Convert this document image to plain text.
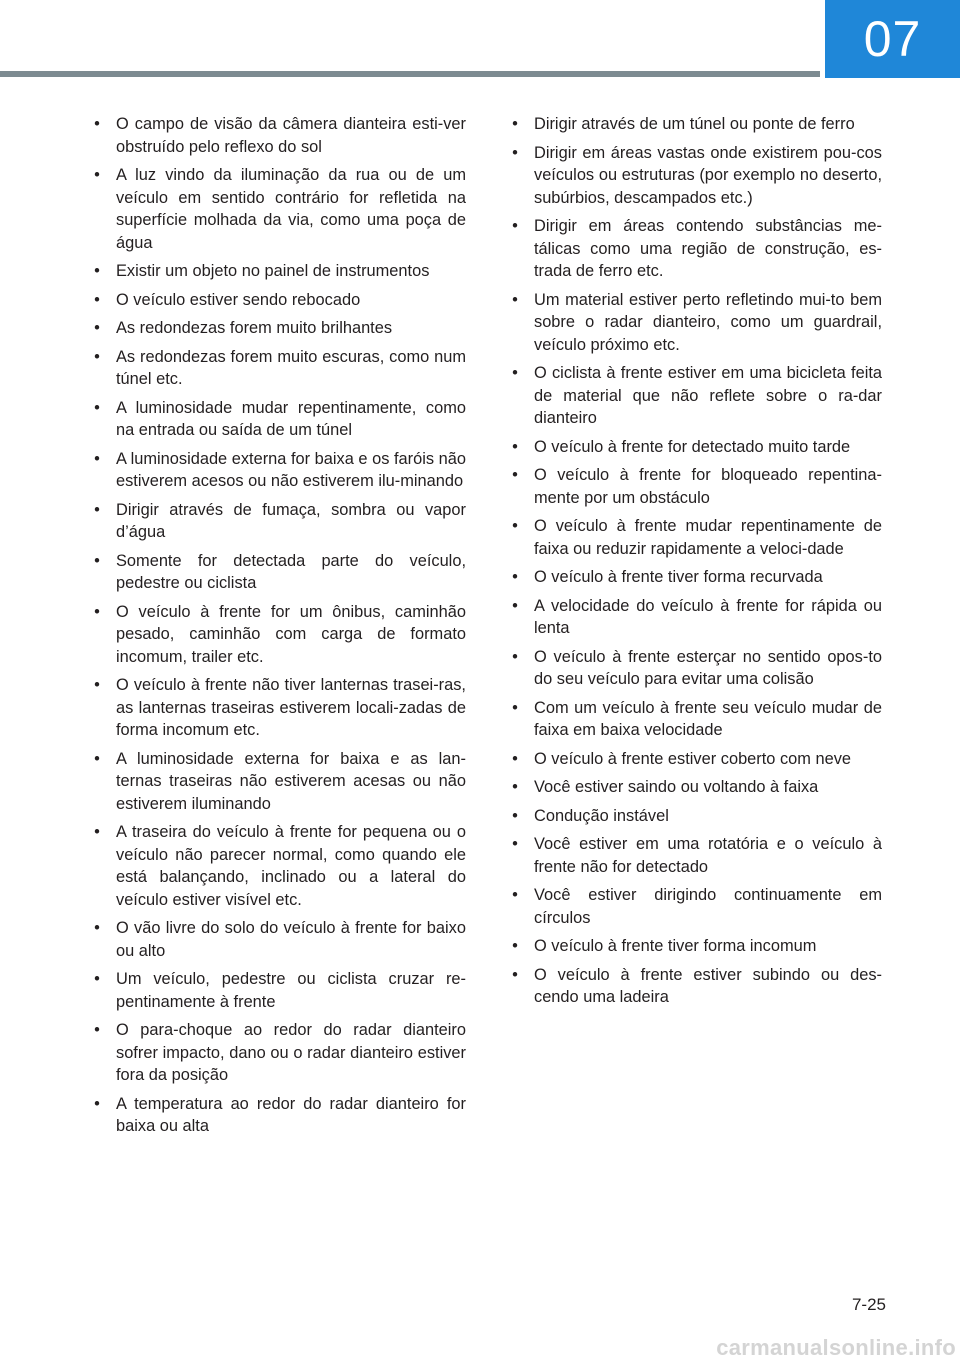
07
• O campo de visão da câmera dianteira esti-ver obstruído pelo reflexo do sol
• A luz vindo da iluminação da rua ou de um veículo em sentido contrário for refletida na superfície molhada da via, como uma poça de água
• Existir um objeto no painel de instrumentos
• O veículo estiver sendo rebocado
• As redondezas forem muito brilhantes
• As redondezas forem muito escuras, como num túnel etc.
• A luminosidade mudar repentinamente, como na entrada ou saída de um túnel
• A luminosidade externa for baixa e os faróis não estiverem acesos ou não estiverem ilu-minando
• Dirigir através de fumaça, sombra ou vapor d’água
• Somente for detectada parte do veículo, pedestre ou ciclista
• O veículo à frente for um ônibus, caminhão pesado, caminhão com carga de formato incomum, trailer etc.
• O veículo à frente não tiver lanternas trasei-ras, as lanternas traseiras estiverem locali-zadas de forma incomum etc.
• A luminosidade externa for baixa e as lan-ternas traseiras não estiverem acesas ou não estiverem iluminando
• A traseira do veículo à frente for pequena ou o veículo não parecer normal, como quando ele está balançando, inclinado ou a lateral do veículo estiver visível etc.
• O vão livre do solo do veículo à frente for baixo ou alto
• Um veículo, pedestre ou ciclista cruzar re-pentinamente à frente
• O para-choque ao redor do radar dianteiro sofrer impacto, dano ou o radar dianteiro estiver fora da posição
• A temperatura ao redor do radar dianteiro for baixa ou alta
• Dirigir através de um túnel ou ponte de ferro
• Dirigir em áreas vastas onde existirem pou-cos veículos ou estruturas (por exemplo no deserto, subúrbios, descampados etc.)
• Dirigir em áreas contendo substâncias me-tálicas como uma região de construção, es-trada de ferro etc.
• Um material estiver perto refletindo mui-to bem sobre o radar dianteiro, como um guardrail, veículo próximo etc.
• O ciclista à frente estiver em uma bicicleta feita de material que não reflete sobre o ra-dar dianteiro
• O veículo à frente for detectado muito tarde
• O veículo à frente for bloqueado repentina-mente por um obstáculo
• O veículo à frente mudar repentinamente de faixa ou reduzir rapidamente a veloci-dade
• O veículo à frente tiver forma recurvada
• A velocidade do veículo à frente for rápida ou lenta
• O veículo à frente esterçar no sentido opos-to do seu veículo para evitar uma colisão
• Com um veículo à frente seu veículo mudar de faixa em baixa velocidade
• O veículo à frente estiver coberto com neve
• Você estiver saindo ou voltando à faixa
• Condução instável
• Você estiver em uma rotatória e o veículo à frente não for detectado
• Você estiver dirigindo continuamente em círculos
• O veículo à frente tiver forma incomum
• O veículo à frente estiver subindo ou des-cendo uma ladeira
7-25
carmanualsonline.info
